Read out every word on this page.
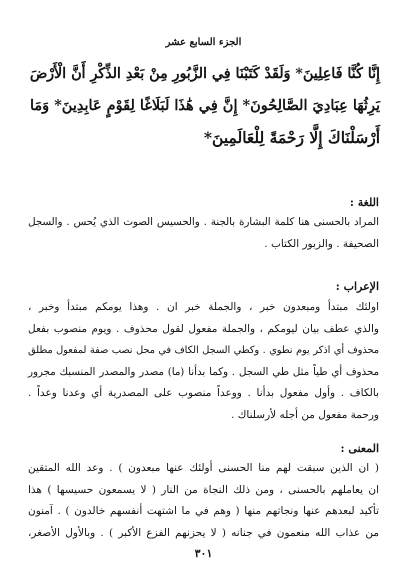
الجزء السابع عشر
إِنَّا كُنَّا فَاعِلِينَ* وَلَقَدْ كَتَبْنَا فِي الزَّبُورِ مِنْ بَعْدِ الذِّكْرِ أَنَّ الْأَرْضَ
يَرِثُهَا عِبَادِيَ الصَّالِحُونَ* إِنَّ فِي هَٰذَا لَبَلَاغًا لِقَوْمٍ عَابِدِينَ* وَمَا
أَرْسَلْنَاكَ إِلَّا رَحْمَةً لِلْعَالَمِينَ*
اللغة :
المراد بالحسنى هنا كلمة البشارة بالجنة . والحسيس الصوت الذي يُحس . والسجل
الصحيفة . والزبور الكتاب .
الإعراب :
اولئك مبتدأ ومبعدون خبر ، والجملة خبر ان . وهذا يومكم مبتدأ وخبر ،
والذي عطف بيان ليومكم ، والجملة مفعول لقول محذوف . ويوم منصوب بفعل
محذوف أي اذكر يوم نطوي . وكطي السجل الكاف في محل نصب صفة لمفعول مطلق
محذوف أي طياً مثل طي السجل . وكما بدأنا (ما) مصدر والمصدر المنسبك مجرور
بالكاف . وأول مفعول بدأنا . ووعداً منصوب على المصدرية أي وعدنا وعداً .
ورحمة مفعول من أجله لأرسلناك .
المعنى :
( ان الذين سبقت لهم منا الحسنى أولئك عنها مبعدون ) . وعد الله المتقين
ان يعاملهم بالحسنى ، ومن ذلك النجاة من النار ( لا يسمعون حسيسها ) هذا
تأكيد لبعدهم عنها ونجاتهم منها ( وهم في ما اشتهت أنفسهم خالدون ) . آمنون
من عذاب الله منعمون في جنانه ( لا يحزنهم الفزع الأكبر ) . وبالأول الأصغر،
٣٠١
